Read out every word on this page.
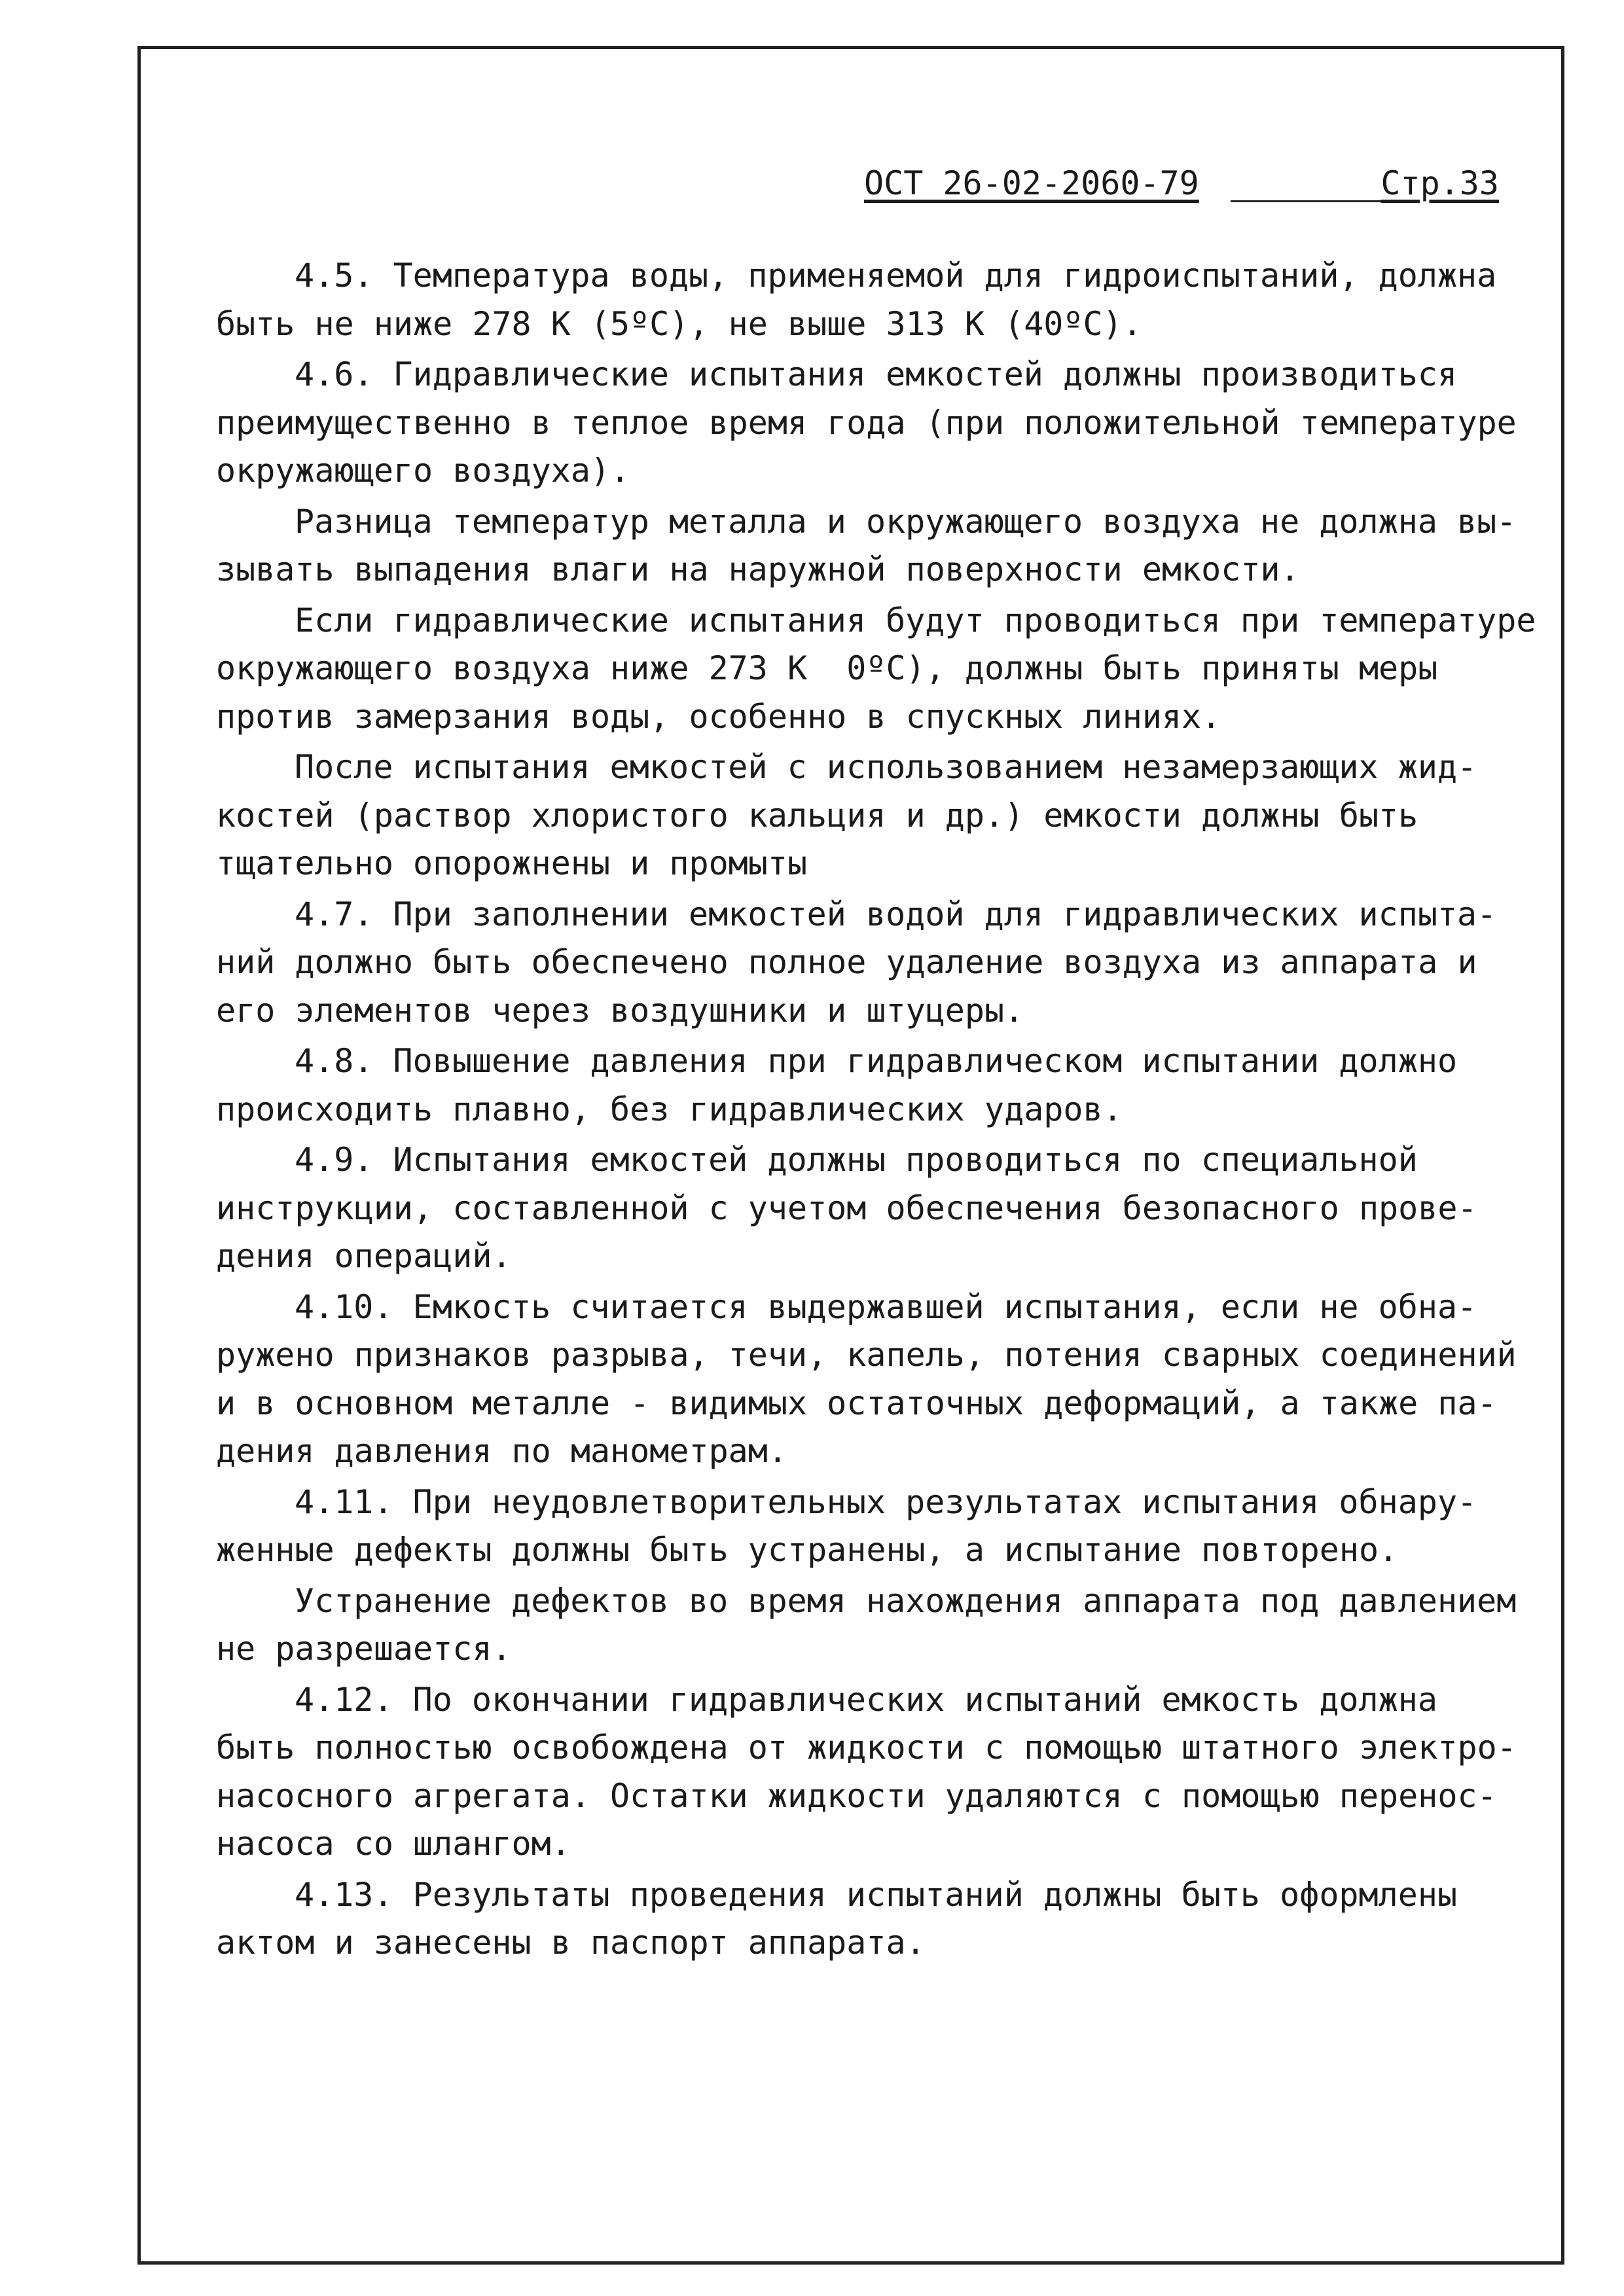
ОСТ 26-02-2060-79	Стр.33
4.5. Температура воды, применяемой для гидроиспытаний, должна
быть не ниже 278 К (5ºС), не выше 313 К (40ºС).
4.6. Гидравлические испытания емкостей должны производиться
преимущественно в теплое время года (при положительной температуре
окружающего воздуха).
Разница температур металла и окружающего воздуха не должна вы-
зывать выпадения влаги на наружной поверхности емкости.
Если гидравлические испытания будут проводиться при температуре
окружающего воздуха ниже 273 К  0ºС), должны быть приняты меры
против замерзания воды, особенно в спускных линиях.
После испытания емкостей с использованием незамерзающих жид-
костей (раствор хлористого кальция и др.) емкости должны быть
тщательно опорожнены и промыты
4.7. При заполнении емкостей водой для гидравлических испыта-
ний должно быть обеспечено полное удаление воздуха из аппарата и
его элементов через воздушники и штуцеры.
4.8. Повышение давления при гидравлическом испытании должно
происходить плавно, без гидравлических ударов.
4.9. Испытания емкостей должны проводиться по специальной
инструкции, составленной с учетом обеспечения безопасного прове-
дения операций.
4.10. Емкость считается выдержавшей испытания, если не обна-
ружено признаков разрыва, течи, капель, потения сварных соединений
и в основном металле - видимых остаточных деформаций, а также па-
дения давления по манометрам.
4.11. При неудовлетворительных результатах испытания обнару-
женные дефекты должны быть устранены, а испытание повторено.
Устранение дефектов во время нахождения аппарата под давлением
не разрешается.
4.12. По окончании гидравлических испытаний емкость должна
быть полностью освобождена от жидкости с помощью штатного электро-
насосного агрегата. Остатки жидкости удаляются с помощью перенос-
насоса со шлангом.
4.13. Результаты проведения испытаний должны быть оформлены
актом и занесены в паспорт аппарата.
